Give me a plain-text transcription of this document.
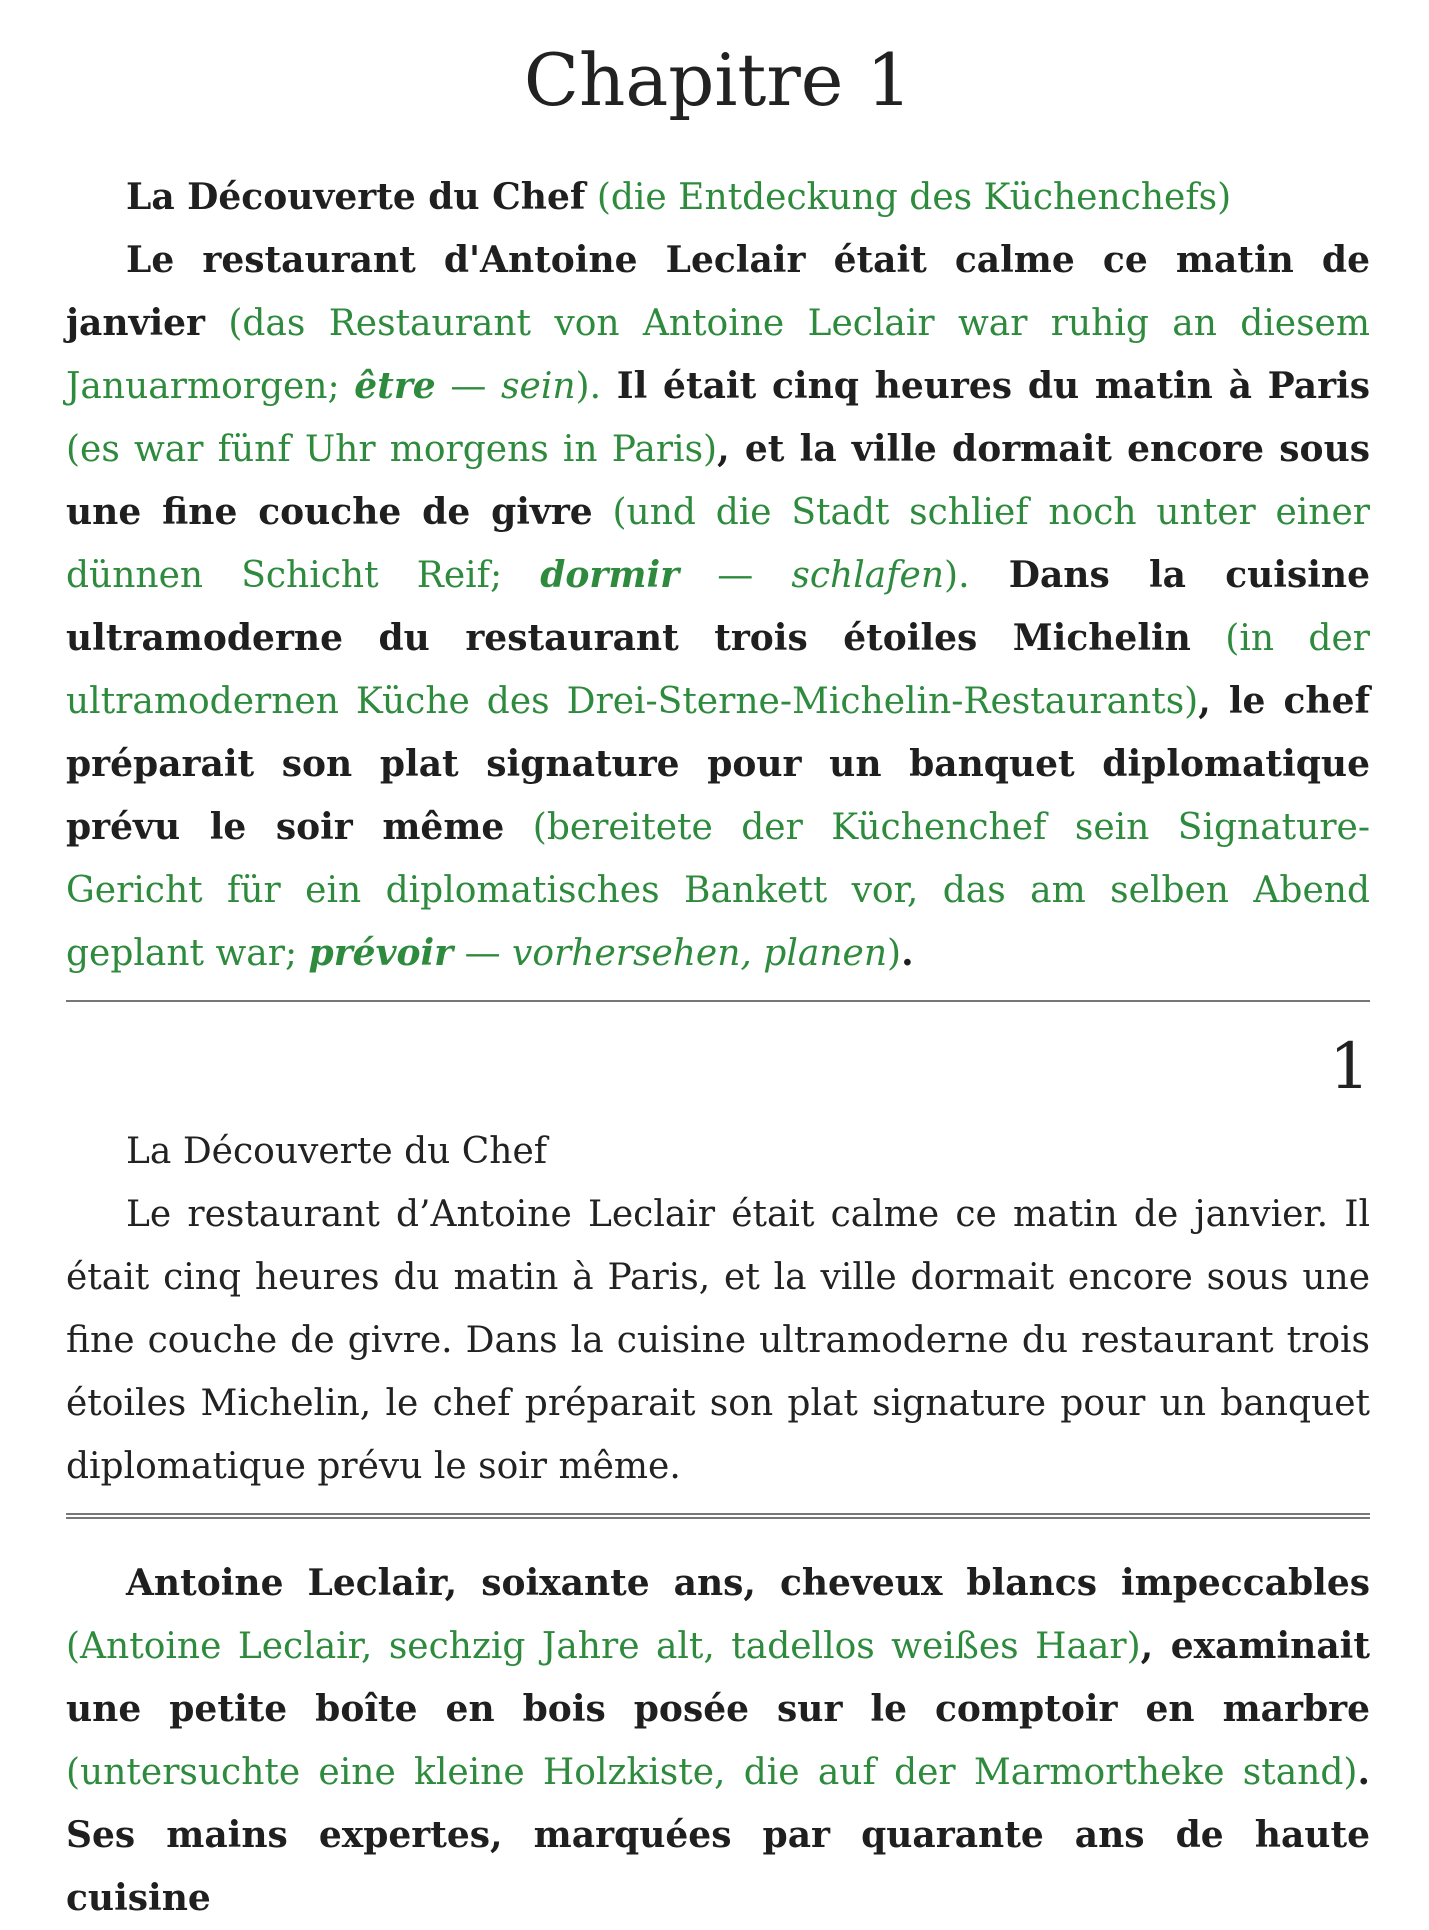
Chapitre 1

La Découverte du Chef (die Entdeckung des Küchenchefs)

Le restaurant d'Antoine Leclair était calme ce matin de janvier (das Restaurant von Antoine Leclair war ruhig an diesem Januarmorgen; être — sein). Il était cinq heures du matin à Paris (es war fünf Uhr morgens in Paris), et la ville dormait encore sous une fine couche de givre (und die Stadt schlief noch unter einer dünnen Schicht Reif; dormir — schlafen). Dans la cuisine ultramoderne du restaurant trois étoiles Michelin (in der ultramodernen Küche des Drei-Sterne-Michelin-Restaurants), le chef préparait son plat signature pour un banquet diplomatique prévu le soir même (bereitete der Küchenchef sein Signature-Gericht für ein diplomatisches Bankett vor, das am selben Abend geplant war; prévoir — vorhersehen, planen).

1

La Découverte du Chef

Le restaurant d’Antoine Leclair était calme ce matin de janvier. Il était cinq heures du matin à Paris, et la ville dormait encore sous une fine couche de givre. Dans la cuisine ultramoderne du restaurant trois étoiles Michelin, le chef préparait son plat signature pour un banquet diplomatique prévu le soir même.

Antoine Leclair, soixante ans, cheveux blancs impeccables (Antoine Leclair, sechzig Jahre alt, tadellos weißes Haar), examinait une petite boîte en bois posée sur le comptoir en marbre (untersuchte eine kleine Holzkiste, die auf der Marmortheke stand). Ses mains expertes, marquées par quarante ans de haute cuisine
